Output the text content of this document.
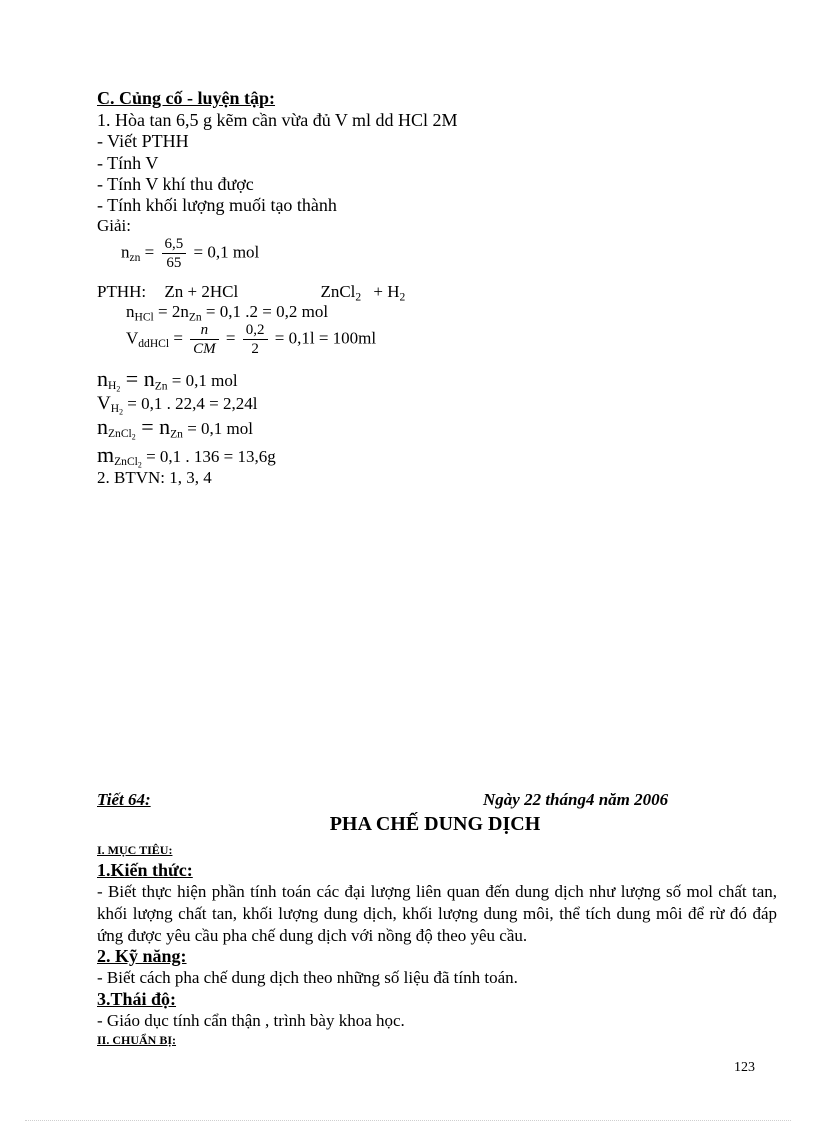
C. Củng cố - luyện tập:
1. Hòa tan 6,5 g kẽm cần vừa đủ V ml dd HCl 2M
- Viết PTHH
- Tính V
- Tính V khí thu được
- Tính khối lượng muối tạo thành
Giải:
$n_{zn} = \frac{6,5}{65} = 0,1$ mol
PTHH: Zn + 2HCl	ZnCl$_2$ + $H_2$
$n_{HCl} = 2n_{Zn} = 0,1$ .2 = 0,2 mol
$V_{ddHCl} = \frac{n}{CM} = \frac{0,2}{2} = 0,1l = 100ml$
$n_{H_2} = n_{Zn} = 0,1$ mol
$V_{H_2} = 0,1$ . 22,4 = 2,24l
$n_{ZnCl_2} = n_{Zn} = 0,1$ mol
$m_{ZnCl_2} = 0,1$ . 136 = 13,6g
2. BTVN: 1, 3, 4
Tiết 64:	Ngày 22 tháng4 năm 2006
PHA CHẾ DUNG DỊCH
I. MỤC TIÊU:
1.Kiến thức:
- Biết thực hiện phần tính toán các đại lượng liên quan đến dung dịch như lượng số mol chất tan, khối lượng chất tan, khối lượng dung dịch, khối lượng dung môi, thể tích dung môi để rừ đó đáp ứng được yêu cầu pha chế dung dịch với nồng độ theo yêu cầu.
2. Kỹ năng:
- Biết cách pha chế dung dịch theo những số liệu đã tính toán.
3.Thái độ:
- Giáo dục tính cẩn thận , trình bày khoa học.
II. CHUẨN BỊ:
123
